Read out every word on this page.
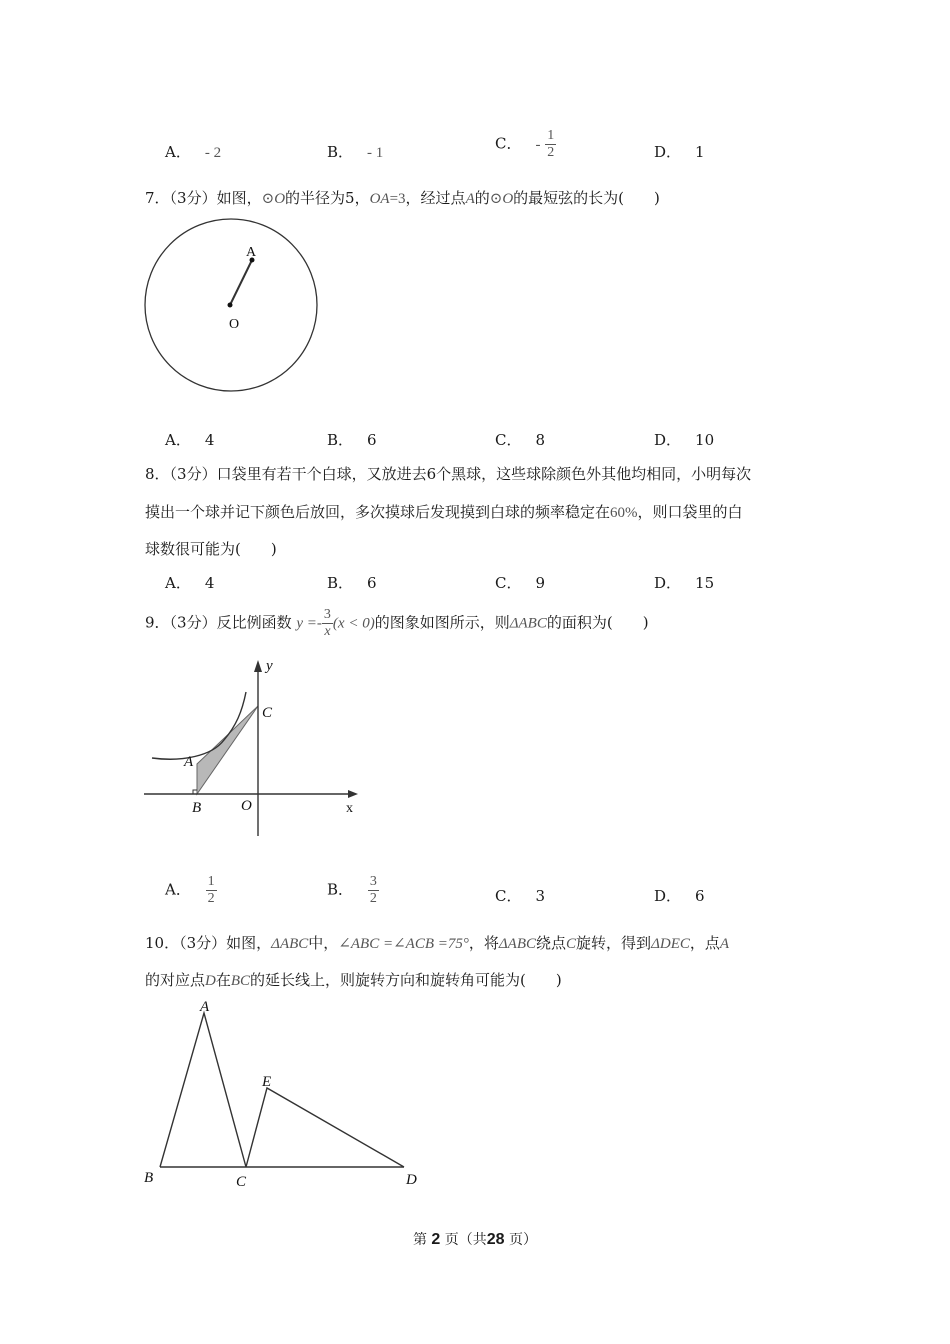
A． - 2	B． - 1
C． - $\frac{1}{2}$	D． 1
7．（3分）如图，⊙O的半径为5，OA=3，经过点A的⊙O的最短弦的长为(　　)
A
O
A． 4	B． 6	C． 8	D． 10
8．（3分）口袋里有若干个白球，又放进去6个黑球，这些球除颜色外其他均相同，小明每次
摸出一个球并记下颜色后放回，多次摸球后发现摸到白球的频率稳定在60%，则口袋里的白
球数很可能为(　　)
A． 4	B． 6	C． 9	D． 15
9．（3分）反比例函数 $y =- \frac{3}{x} (x < 0)$的图象如图所示，则ΔABC的面积为(　　)
y
x
C
A
B	O
A． $\frac{1}{2}$	B． $\frac{3}{2}$	C． 3	D． 6
10．（3分）如图，ΔABC中，∠ABC =∠ACB =75°，将ΔABC绕点C旋转，得到ΔDEC，点A
的对应点D在BC的延长线上，则旋转方向和旋转角可能为(　　)
A
E
B	C	D
第 2 页（共28 页）
